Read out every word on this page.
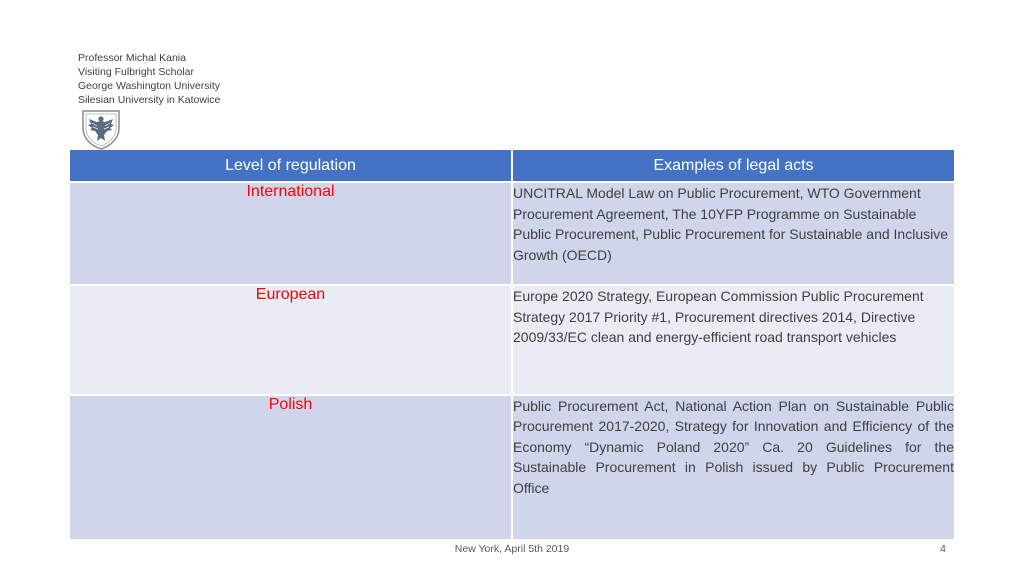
Professor Michal Kania
Visiting Fulbright Scholar
George Washington University
Silesian University in Katowice
Level of regulation	Examples of legal acts
International	UNCITRAL Model Law on Public Procurement, WTO Government Procurement Agreement, The 10YFP Programme on Sustainable Public Procurement, Public Procurement for Sustainable and Inclusive Growth (OECD)
European	Europe 2020 Strategy, European Commission Public Procurement Strategy 2017 Priority #1, Procurement directives 2014, Directive 2009/33/EC clean and energy-efficient road transport vehicles
Polish	Public Procurement Act, National Action Plan on Sustainable Public Procurement 2017-2020, Strategy for Innovation and Efficiency of the Economy “Dynamic Poland 2020” Ca. 20 Guidelines for the Sustainable Procurement in Polish issued by Public Procurement Office
New York, April 5th 2019	4
